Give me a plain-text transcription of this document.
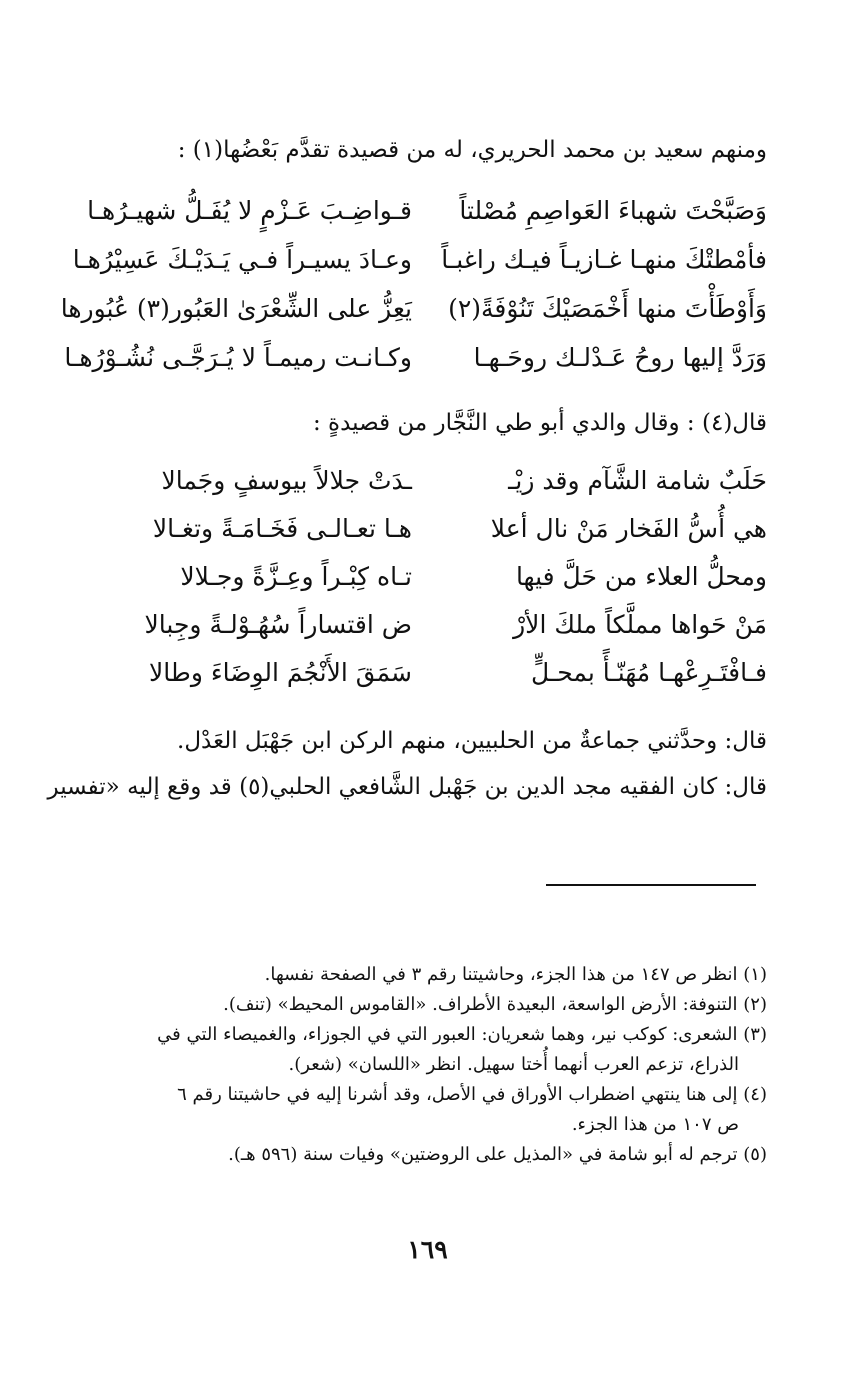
ومنهم سعيد بن محمد الحريري، له من قصيدة تقدَّم بَعْضُها(١) :
وَصَبَّحْتَ شهباءَ العَواصِمِ مُصْلتاً
قـواضِـبَ عَـزْمٍ لا يُفَـلُّ شهيـرُهـا
فأمْطتْكَ منهـا غـازيـاً فيـك راغبـاً
وعـادَ يسيـراً فـي يَـدَيْـكَ عَسِيْرُهـا
وَأَوْطَأْتَ منها أَخْمَصَيْكَ تَنُوْفَةً(٢)
يَعِزُّ على الشِّعْرَىٰ العَبُور(٣) عُبُورها
وَرَدَّ إليها روحُ عَـدْلـك روحَـهـا
وكـانـت رميمـاً لا يُـرَجَّـى نُشُـوْرُهـا
قال(٤) : وقال والدي أبو طي النَّجَّار من قصيدةٍ :
حَلَبٌ شامة الشَّآم وقد زيْـ
ـدَتْ جلالاً بيوسفٍ وجَمالا
هي أُسُّ الفَخار مَنْ نال أعلا
هـا تعـالـى فَخَـامَـةً وتغـالا
ومحلُّ العلاء من حَلَّ فيها
تـاه كِبْـراً وعِـزَّةً وجـلالا
مَنْ حَواها مملَّكاً ملكَ الأرْ
ض اقتساراً سُهُـوْلـةً وجِبالا
فـافْتَـرِعْهـا مُهَنّـأً بمحـلٍّ
سَمَقَ الأَنْجُمَ الوِضَاءَ وطالا
قال: وحدَّثني جماعةٌ من الحلبيين، منهم الركن ابن جَهْبَل العَدْل.
قال: كان الفقيه مجد الدين بن جَهْبل الشَّافعي الحلبي(٥) قد وقع إليه «تفسير
(١) انظر ص ١٤٧ من هذا الجزء، وحاشيتنا رقم ٣ في الصفحة نفسها.
(٢) التنوفة: الأرض الواسعة، البعيدة الأطراف. «القاموس المحيط» (تنف).
(٣) الشعرى: كوكب نير، وهما شعريان: العبور التي في الجوزاء، والغميصاء التي في
الذراع، تزعم العرب أنهما أُختا سهيل. انظر «اللسان» (شعر).
(٤) إلى هنا ينتهي اضطراب الأوراق في الأصل، وقد أشرنا إليه في حاشيتنا رقم ٦
ص ١٠٧ من هذا الجزء.
(٥) ترجم له أبو شامة في «المذيل على الروضتين» وفيات سنة (٥٩٦ هـ).
١٦٩
